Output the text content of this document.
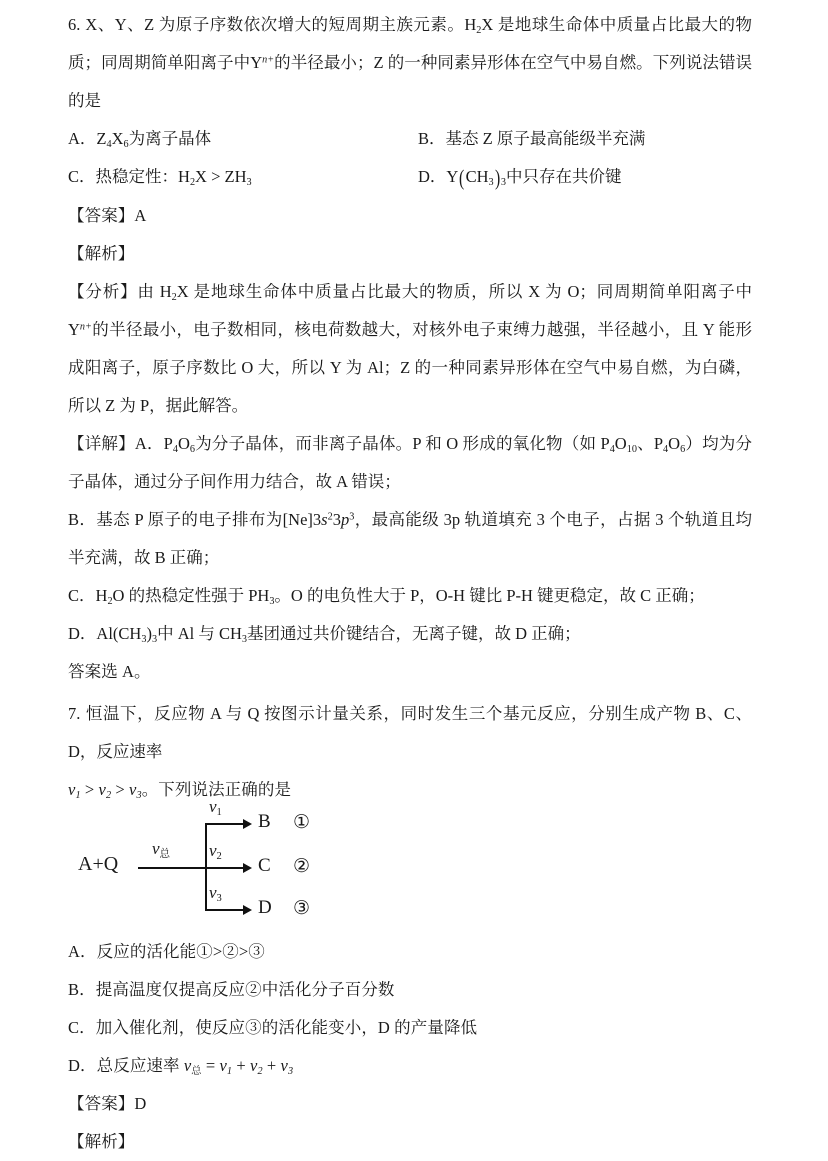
6. X、Y、Z 为原子序数依次增大的短周期主族元素。$H_2X$ 是地球生命体中质量占比最大的物质；同周期简单阳离子中$Y^{n+}$的半径最小；Z 的一种同素异形体在空气中易自燃。下列说法错误的是
A．$Z_4X_6$为离子晶体	B．基态 Z 原子最高能级半充满
C．热稳定性：$H_2X > ZH_3$	D．$Y(CH_3)_3$中只存在共价键
【答案】A
【解析】
【分析】由 $H_2X$ 是地球生命体中质量占比最大的物质，所以 X 为 O；同周期简单阳离子中 $Y^{n+}$的半径最小，电子数相同，核电荷数越大，对核外电子束缚力越强，半径越小，且 Y 能形成阳离子，原子序数比 O 大，所以 Y 为 Al；Z 的一种同素异形体在空气中易自燃，为白磷，所以 Z 为 P，据此解答。
【详解】A．$P_4O_6$为分子晶体，而非离子晶体。P 和 O 形成的氧化物（如 $P_4O_{10}$、$P_4O_6$）均为分子晶体，通过分子间作用力结合，故 A 错误；
B．基态 P 原子的电子排布为$[Ne]3s^23p^3$，最高能级 3p 轨道填充 3 个电子，占据 3 个轨道且均半充满，故 B 正确；
C．$H_2O$ 的热稳定性强于 $PH_3$。O 的电负性大于 P，O-H 键比 P-H 键更稳定，故 C 正确；
D．$Al(CH_3)_3$中 Al 与 $CH_3$基团通过共价键结合，无离子键，故 D 正确；
答案选 A。
7. 恒温下，反应物 A 与 Q 按图示计量关系，同时发生三个基元反应，分别生成产物 B、C、D，反应速率
$v_1 > v_2 > v_3$。下列说法正确的是
A+Q
$v_总$
$v_1$ B ①
$v_2$ C ②
$v_3$ D ③
A．反应的活化能①>②>③
B．提高温度仅提高反应②中活化分子百分数
C．加入催化剂，使反应③的活化能变小，D 的产量降低
D．总反应速率 $v_总 = v_1 + v_2 + v_3$
【答案】D
【解析】
